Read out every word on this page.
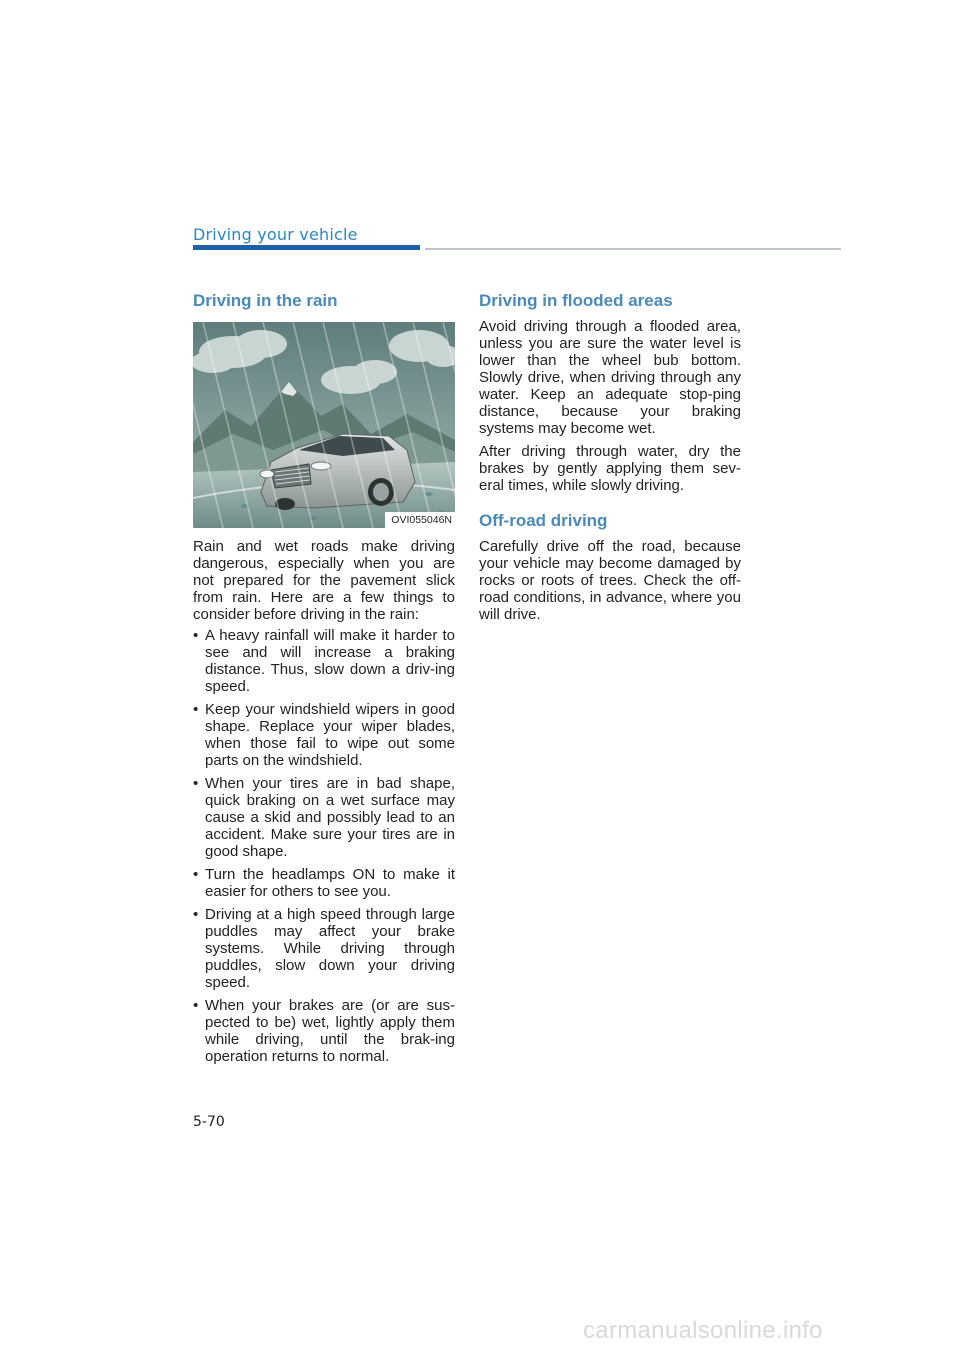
Driving your vehicle
Driving in the rain
OVI055046N

Rain and wet roads make driving dangerous, especially when you are not prepared for the pavement slick from rain. Here are a few things to consider before driving in the rain:

• A heavy rainfall will make it harder to see and will increase a braking distance. Thus, slow down a driv-ing speed.
• Keep your windshield wipers in good shape. Replace your wiper blades, when those fail to wipe out some parts on the windshield.
• When your tires are in bad shape, quick braking on a wet surface may cause a skid and possibly lead to an accident. Make sure your tires are in good shape.
• Turn the headlamps ON to make it easier for others to see you.
• Driving at a high speed through large puddles may affect your brake systems. While driving through puddles, slow down your driving speed.
• When your brakes are (or are sus-pected to be) wet, lightly apply them while driving, until the brak-ing operation returns to normal.
Driving in flooded areas

Avoid driving through a flooded area, unless you are sure the water level is lower than the wheel bub bottom. Slowly drive, when driving through any water. Keep an adequate stop-ping distance, because your braking systems may become wet.

After driving through water, dry the brakes by gently applying them sev-eral times, while slowly driving.

Off-road driving

Carefully drive off the road, because your vehicle may become damaged by rocks or roots of trees. Check the off-road conditions, in advance, where you will drive.

5-70
carmanualsonline.info
